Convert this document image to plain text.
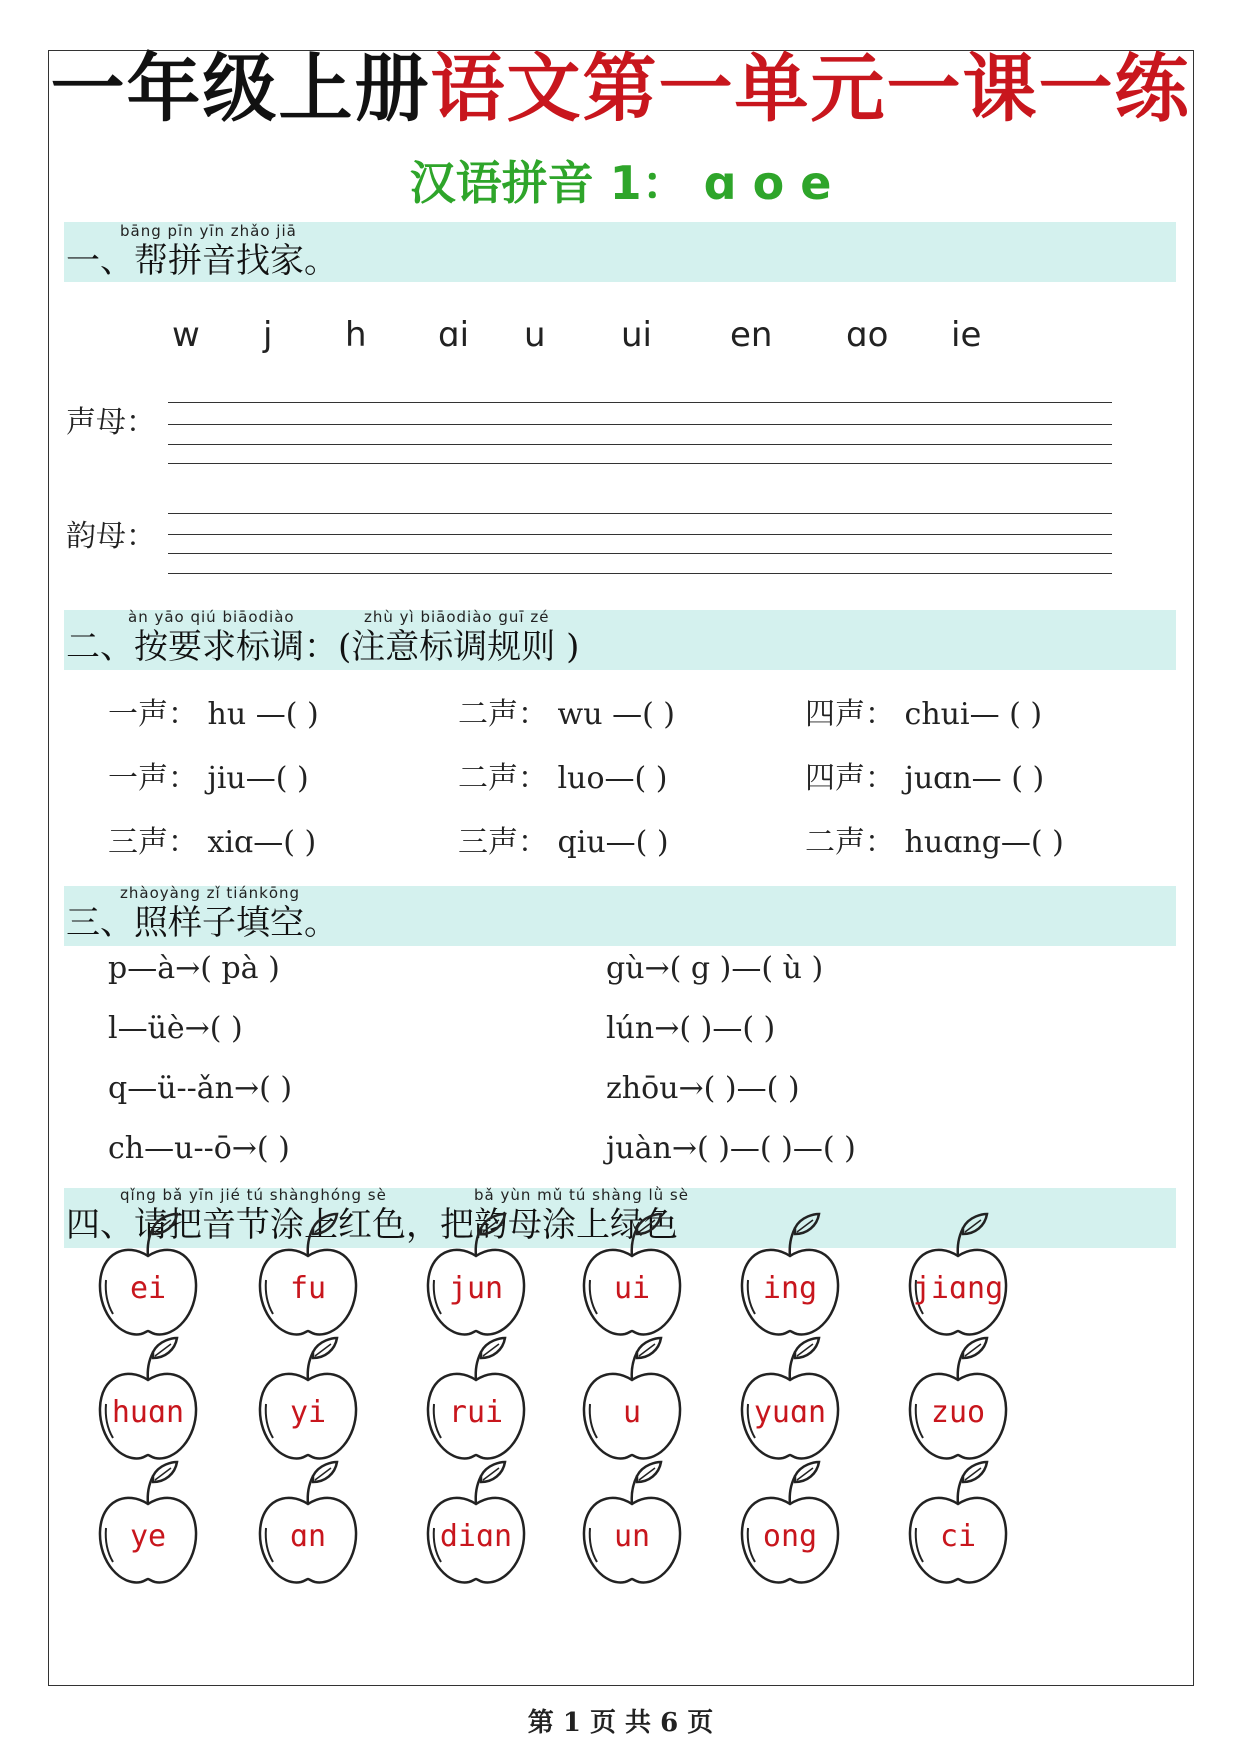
一年级上册语文第一单元一课一练
汉语拼音 1： ɑ o e
bāng pīn yīn zhǎo jiā
一、帮拼音找家。
w j h ɑi u ui en ɑo ie
声母：
韵母：
àn yāo qiú biāodiào	zhù yì biāodiào guī zé
二、按要求标调：(注意标调规则 )
一声： hu —( )	二声： wu —( )	四声： chui— ( )
一声： jiu—( )	二声： luo—( )	四声： juɑn— ( )
三声： xiɑ—( )	三声： qiu—( )	二声： huɑng—( )
zhàoyàng zǐ tiánkōng
三、照样子填空。
p—à→( pà )
l—üè→( )
q—ü--ǎn→( )
ch—u--ō→( )
gù→( g )—( ù )
lún→( )—( )
zhōu→( )—( )
juàn→( )—( )—( )
qǐng bǎ yīn jié tú shànghóng sè	bǎ yùn mǔ tú shàng lǜ sè
四、请把音节涂上红色，把韵母涂上绿色
ei	fu	jun	ui	ing	jiɑng
huɑn	yi	rui	u	yuɑn	zuo
ye	ɑn	diɑn	un	ong	ci
第 1 页 共 6 页
